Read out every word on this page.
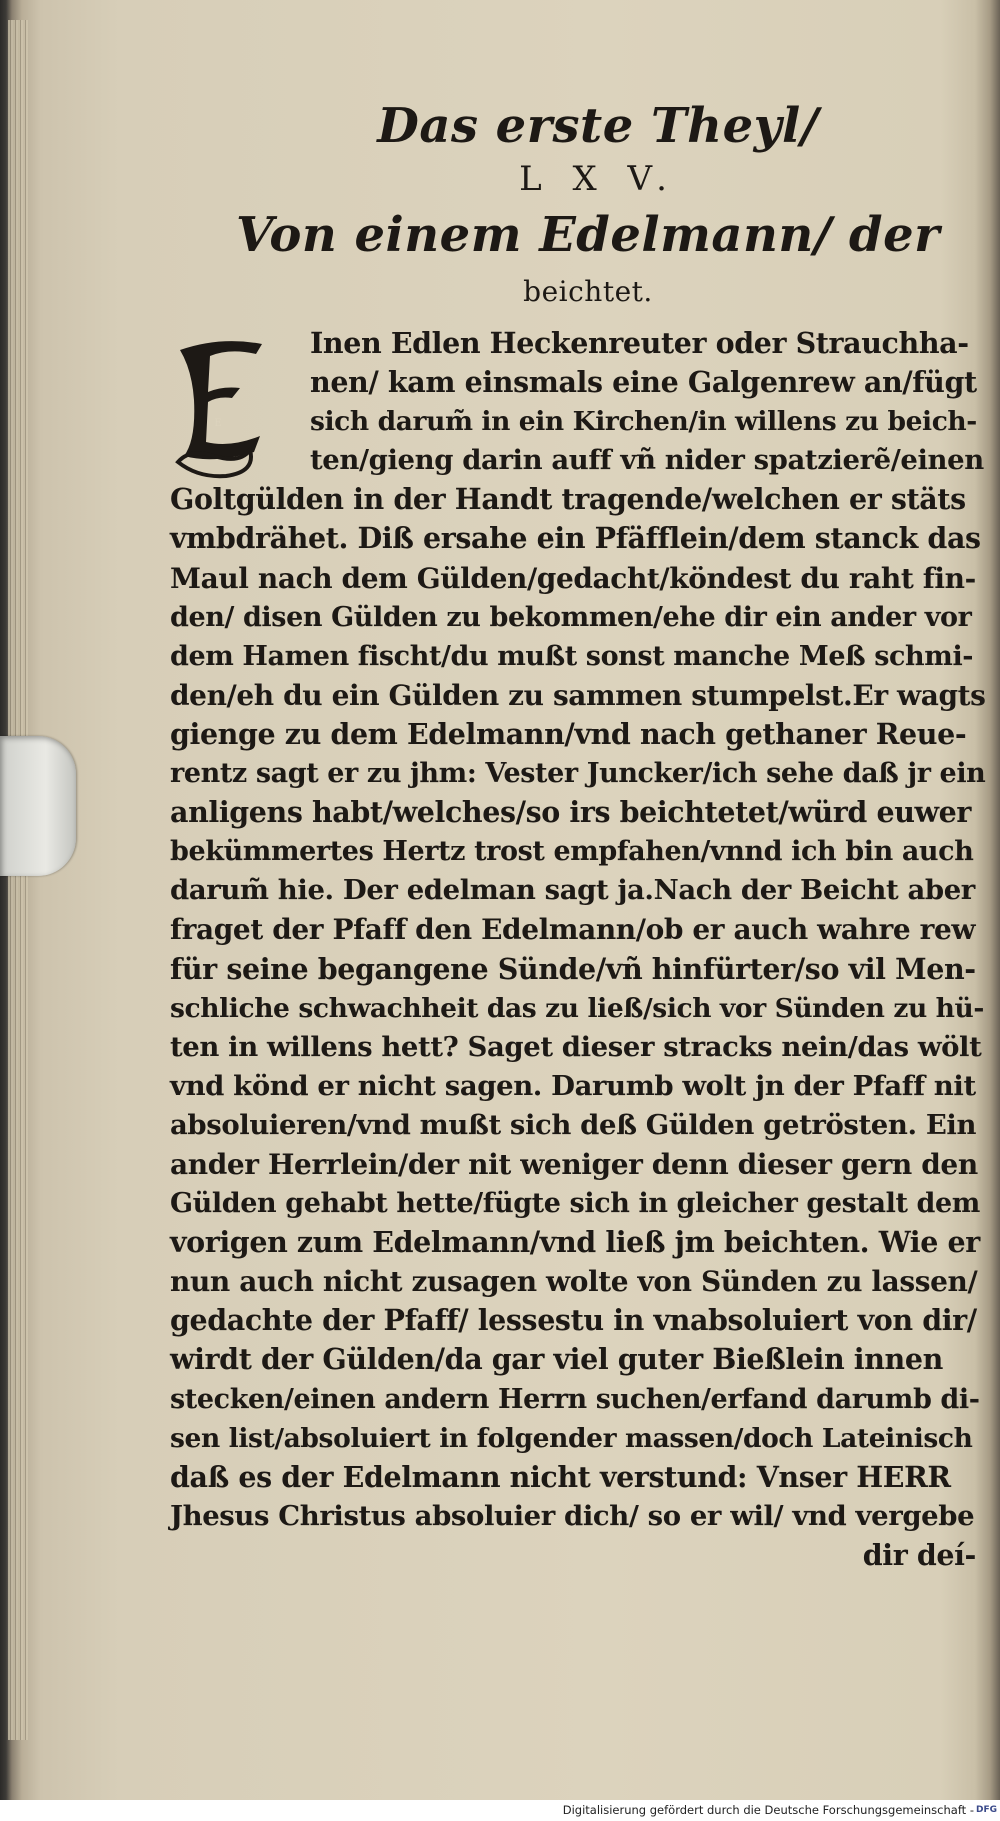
Das erste Theyl/
L X V.
Von einem Edelmann/ der
beichtet.
E
Inen Edlen Heckenreuter oder Strauchha-
nen/ kam einsmals eine Galgenrew an/fügt
sich darum̃ in ein Kirchen/in willens zu beich-
ten/gieng darin auff vñ nider spatzierẽ/einen
Goltgülden in der Handt tragende/welchen er stäts
vmbdrähet. Diß ersahe ein Pfäfflein/dem stanck das
Maul nach dem Gülden/gedacht/köndest du raht fin-
den/ disen Gülden zu bekommen/ehe dir ein ander vor
dem Hamen fischt/du mußt sonst manche Meß schmi-
den/eh du ein Gülden zu sammen stumpelst.Er wagts
gienge zu dem Edelmann/vnd nach gethaner Reue-
rentz sagt er zu jhm: Vester Juncker/ich sehe daß jr ein
anligens habt/welches/so irs beichtetet/würd euwer
bekümmertes Hertz trost empfahen/vnnd ich bin auch
darum̃ hie. Der edelman sagt ja.Nach der Beicht aber
fraget der Pfaff den Edelmann/ob er auch wahre rew
für seine begangene Sünde/vñ hinfürter/so vil Men-
schliche schwachheit das zu ließ/sich vor Sünden zu hü-
ten in willens hett? Saget dieser stracks nein/das wölt
vnd könd er nicht sagen. Darumb wolt jn der Pfaff nit
absoluieren/vnd mußt sich deß Gülden getrösten. Ein
ander Herrlein/der nit weniger denn dieser gern den
Gülden gehabt hette/fügte sich in gleicher gestalt dem
vorigen zum Edelmann/vnd ließ jm beichten. Wie er
nun auch nicht zusagen wolte von Sünden zu lassen/
gedachte der Pfaff/ lessestu in vnabsoluiert von dir/
wirdt der Gülden/da gar viel guter Bießlein innen
stecken/einen andern Herrn suchen/erfand darumb di-
sen list/absoluiert in folgender massen/doch Lateinisch
daß es der Edelmann nicht verstund: Vnser HERR
Jhesus Christus absoluier dich/ so er wil/ vnd vergebe
dir deí-
Digitalisierung gefördert durch die Deutsche Forschungsgemeinschaft - DFG
